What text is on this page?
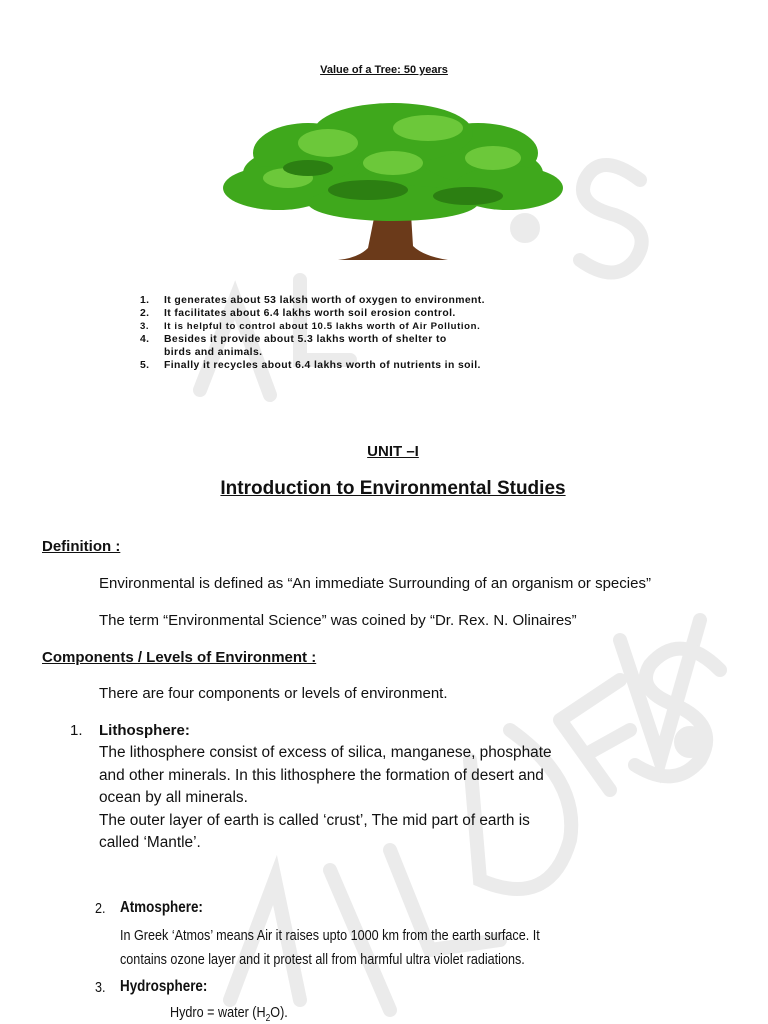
Value of a Tree: 50 years
1.	It generates about 53 laksh worth of oxygen to environment.
2.	It facilitates about 6.4 lakhs worth soil erosion control.
3.	It is helpful to control about 10.5 lakhs worth of Air Pollution.
4.	Besides it provide about 5.3 lakhs worth of shelter to
birds and animals.
5.	Finally it recycles about 6.4 lakhs worth of nutrients in soil.
UNIT –I
Introduction to Environmental Studies
Definition :
Environmental is defined as “An immediate Surrounding of an organism or species”
The term “Environmental Science” was coined by “Dr. Rex. N. Olinaires”
Components / Levels of Environment :
There are four components or levels of environment.
1. Lithosphere:

The lithosphere consist of excess of silica, manganese, phosphate

and other minerals. In this lithosphere the formation of desert and

ocean by all minerals.

The outer layer of earth is called ‘crust’, The mid part of earth is

called ‘Mantle’.

2. Atmosphere:

In Greek ‘Atmos’ means Air it raises upto 1000 km from the earth surface. It

contains ozone layer and it protest all from harmful ultra violet radiations.

3. Hydrosphere:
Hydro = water $(H_2O)$.
